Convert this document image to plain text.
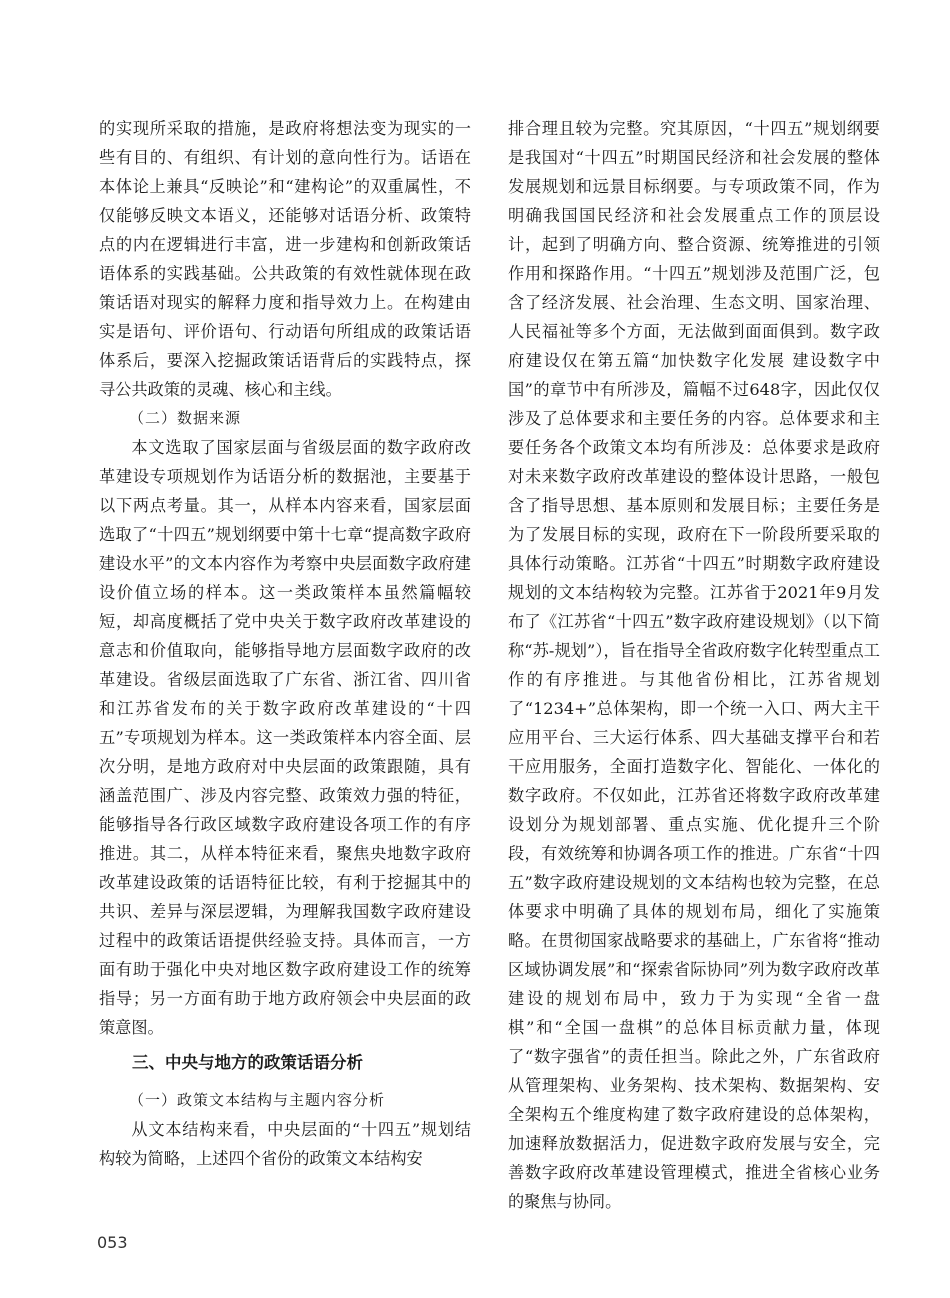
的实现所采取的措施，是政府将想法变为现实的一些有目的、有组织、有计划的意向性行为。话语在本体论上兼具“反映论”和“建构论”的双重属性，不仅能够反映文本语义，还能够对话语分析、政策特点的内在逻辑进行丰富，进一步建构和创新政策话语体系的实践基础。公共政策的有效性就体现在政策话语对现实的解释力度和指导效力上。在构建由实是语句、评价语句、行动语句所组成的政策话语体系后，要深入挖掘政策话语背后的实践特点，探寻公共政策的灵魂、核心和主线。

（二）数据来源

本文选取了国家层面与省级层面的数字政府改革建设专项规划作为话语分析的数据池，主要基于以下两点考量。其一，从样本内容来看，国家层面选取了“十四五”规划纲要中第十七章“提高数字政府建设水平”的文本内容作为考察中央层面数字政府建设价值立场的样本。这一类政策样本虽然篇幅较短，却高度概括了党中央关于数字政府改革建设的意志和价值取向，能够指导地方层面数字政府的改革建设。省级层面选取了广东省、浙江省、四川省和江苏省发布的关于数字政府改革建设的“十四五”专项规划为样本。这一类政策样本内容全面、层次分明，是地方政府对中央层面的政策跟随，具有涵盖范围广、涉及内容完整、政策效力强的特征，能够指导各行政区域数字政府建设各项工作的有序推进。其二，从样本特征来看，聚焦央地数字政府改革建设政策的话语特征比较，有利于挖掘其中的共识、差异与深层逻辑，为理解我国数字政府建设过程中的政策话语提供经验支持。具体而言，一方面有助于强化中央对地区数字政府建设工作的统筹指导；另一方面有助于地方政府领会中央层面的政策意图。

三、中央与地方的政策话语分析

（一）政策文本结构与主题内容分析

从文本结构来看，中央层面的“十四五”规划结构较为简略，上述四个省份的政策文本结构安

排合理且较为完整。究其原因，“十四五”规划纲要是我国对“十四五”时期国民经济和社会发展的整体发展规划和远景目标纲要。与专项政策不同，作为明确我国国民经济和社会发展重点工作的顶层设计，起到了明确方向、整合资源、统筹推进的引领作用和探路作用。“十四五”规划涉及范围广泛，包含了经济发展、社会治理、生态文明、国家治理、人民福祉等多个方面，无法做到面面俱到。数字政府建设仅在第五篇“加快数字化发展 建设数字中国”的章节中有所涉及，篇幅不过648字，因此仅仅涉及了总体要求和主要任务的内容。总体要求和主要任务各个政策文本均有所涉及：总体要求是政府对未来数字政府改革建设的整体设计思路，一般包含了指导思想、基本原则和发展目标；主要任务是为了发展目标的实现，政府在下一阶段所要采取的具体行动策略。江苏省“十四五”时期数字政府建设规划的文本结构较为完整。江苏省于2021年9月发布了《江苏省“十四五”数字政府建设规划》（以下简称“苏-规划”），旨在指导全省政府数字化转型重点工作的有序推进。与其他省份相比，江苏省规划了“1234+”总体架构，即一个统一入口、两大主干应用平台、三大运行体系、四大基础支撑平台和若干应用服务，全面打造数字化、智能化、一体化的数字政府。不仅如此，江苏省还将数字政府改革建设划分为规划部署、重点实施、优化提升三个阶段，有效统筹和协调各项工作的推进。广东省“十四五”数字政府建设规划的文本结构也较为完整，在总体要求中明确了具体的规划布局，细化了实施策略。在贯彻国家战略要求的基础上，广东省将“推动区域协调发展”和“探索省际协同”列为数字政府改革建设的规划布局中，致力于为实现“全省一盘棋”和“全国一盘棋”的总体目标贡献力量，体现了“数字强省”的责任担当。除此之外，广东省政府从管理架构、业务架构、技术架构、数据架构、安全架构五个维度构建了数字政府建设的总体架构，加速释放数据活力，促进数字政府发展与安全，完善数字政府改革建设管理模式，推进全省核心业务的聚焦与协同。

053
